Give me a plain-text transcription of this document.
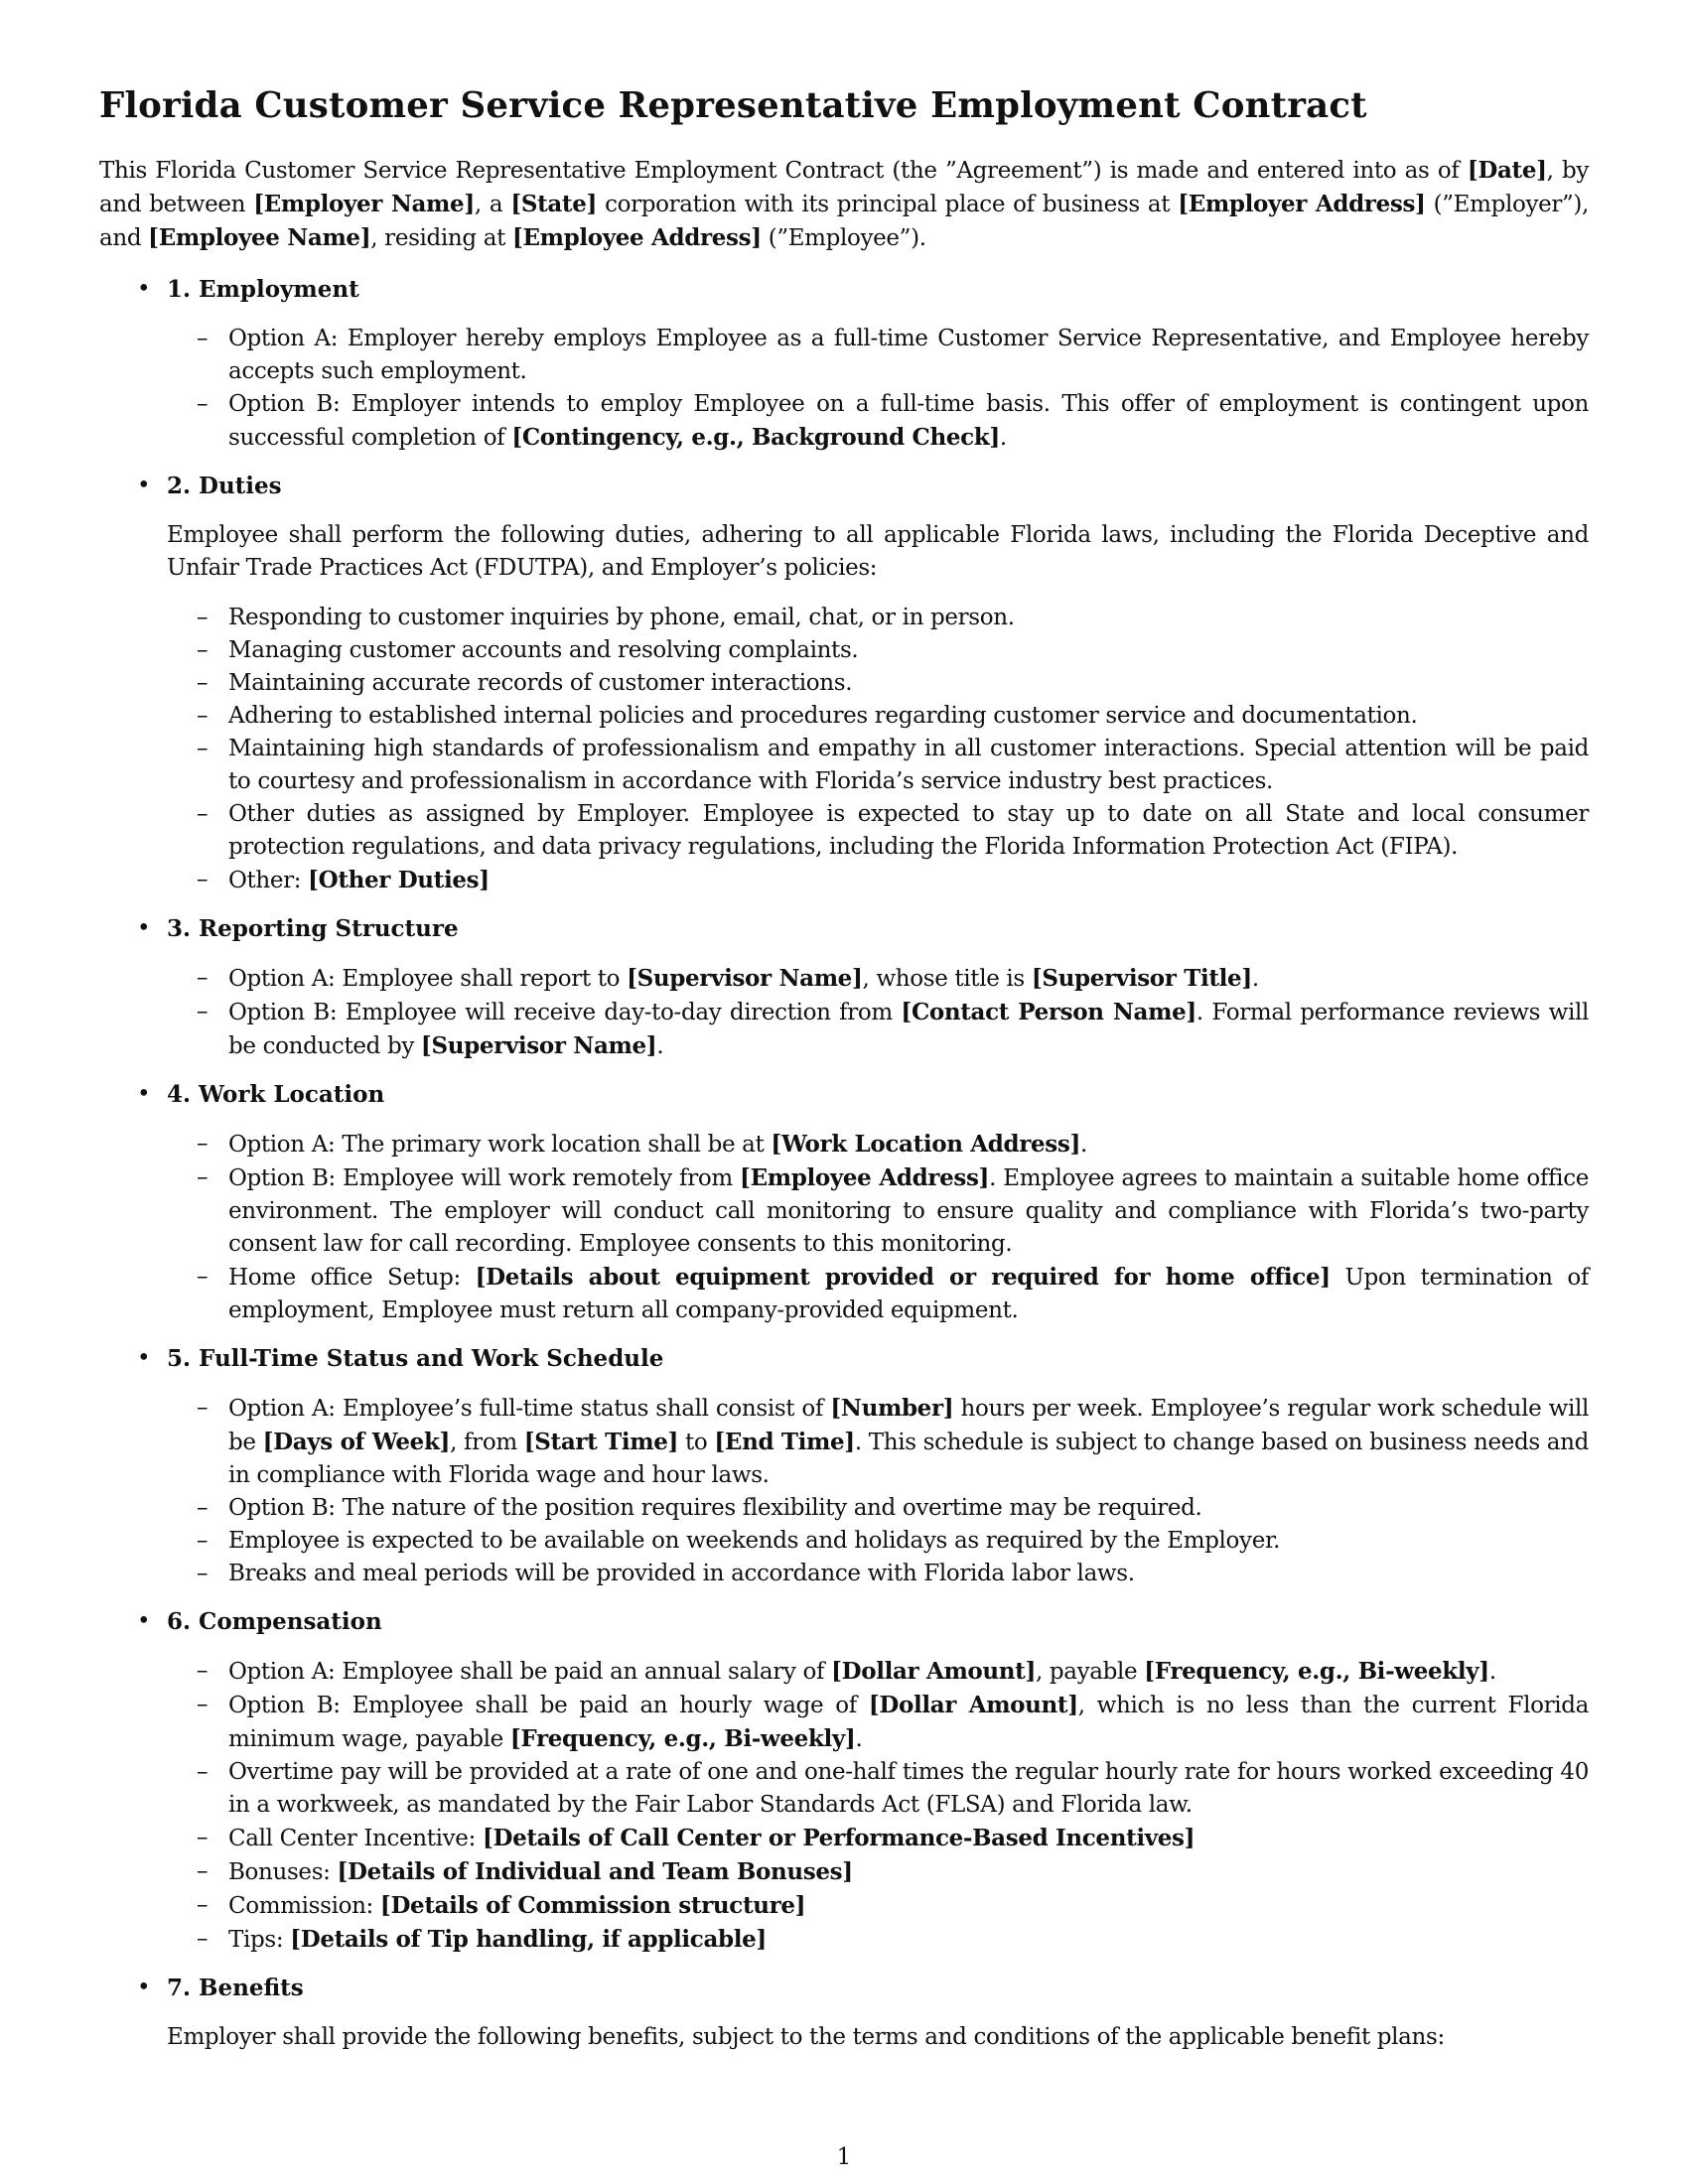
Florida Customer Service Representative Employment Contract

This Florida Customer Service Representative Employment Contract (the ”Agreement”) is made and entered into as of [Date], by and between [Employer Name], a [State] corporation with its principal place of business at [Employer Address] (”Employer”), and [Employee Name], residing at [Employee Address] (”Employee”).

• 1. Employment
– Option A: Employer hereby employs Employee as a full-time Customer Service Representative, and Employee hereby accepts such employment.
– Option B: Employer intends to employ Employee on a full-time basis. This offer of employment is contingent upon successful completion of [Contingency, e.g., Background Check].
• 2. Duties

Employee shall perform the following duties, adhering to all applicable Florida laws, including the Florida Deceptive and Unfair Trade Practices Act (FDUTPA), and Employer’s policies:

– Responding to customer inquiries by phone, email, chat, or in person.
– Managing customer accounts and resolving complaints.
– Maintaining accurate records of customer interactions.
– Adhering to established internal policies and procedures regarding customer service and documentation.
– Maintaining high standards of professionalism and empathy in all customer interactions. Special attention will be paid to courtesy and professionalism in accordance with Florida’s service industry best practices.
– Other duties as assigned by Employer. Employee is expected to stay up to date on all State and local consumer protection regulations, and data privacy regulations, including the Florida Information Protection Act (FIPA).
– Other: [Other Duties]
• 3. Reporting Structure
– Option A: Employee shall report to [Supervisor Name], whose title is [Supervisor Title].
– Option B: Employee will receive day-to-day direction from [Contact Person Name]. Formal performance reviews will be conducted by [Supervisor Name].
• 4. Work Location
– Option A: The primary work location shall be at [Work Location Address].
– Option B: Employee will work remotely from [Employee Address]. Employee agrees to maintain a suitable home office environment. The employer will conduct call monitoring to ensure quality and compliance with Florida’s two-party consent law for call recording. Employee consents to this monitoring.
– Home office Setup: [Details about equipment provided or required for home office] Upon termination of employment, Employee must return all company-provided equipment.
• 5. Full-Time Status and Work Schedule
– Option A: Employee’s full-time status shall consist of [Number] hours per week. Employee’s regular work schedule will be [Days of Week], from [Start Time] to [End Time]. This schedule is subject to change based on business needs and in compliance with Florida wage and hour laws.
– Option B: The nature of the position requires flexibility and overtime may be required.
– Employee is expected to be available on weekends and holidays as required by the Employer.
– Breaks and meal periods will be provided in accordance with Florida labor laws.
• 6. Compensation
– Option A: Employee shall be paid an annual salary of [Dollar Amount], payable [Frequency, e.g., Bi-weekly].
– Option B: Employee shall be paid an hourly wage of [Dollar Amount], which is no less than the current Florida minimum wage, payable [Frequency, e.g., Bi-weekly].
– Overtime pay will be provided at a rate of one and one-half times the regular hourly rate for hours worked exceeding 40 in a workweek, as mandated by the Fair Labor Standards Act (FLSA) and Florida law.
– Call Center Incentive: [Details of Call Center or Performance-Based Incentives]
– Bonuses: [Details of Individual and Team Bonuses]
– Commission: [Details of Commission structure]
– Tips: [Details of Tip handling, if applicable]
• 7. Benefits

Employer shall provide the following benefits, subject to the terms and conditions of the applicable benefit plans:

1
